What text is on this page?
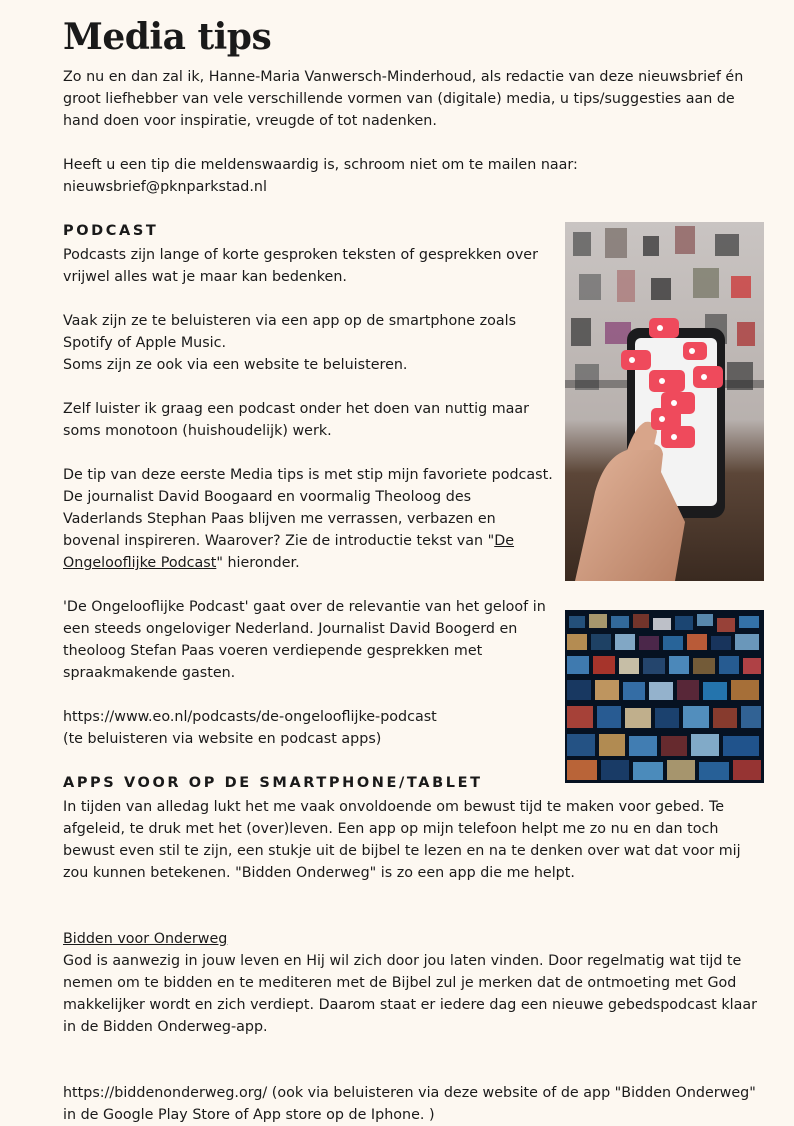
Media tips

Zo nu en dan zal ik, Hanne-Maria Vanwersch-Minderhoud, als redactie van deze nieuwsbrief én groot liefhebber van vele verschillende vormen van (digitale) media, u tips/suggesties aan de hand doen voor inspiratie, vreugde of tot nadenken.

Heeft u een tip die meldenswaardig is, schroom niet om te mailen naar: nieuwsbrief@pknparkstad.nl

PODCAST

Podcasts zijn lange of korte gesproken teksten of gesprekken over vrijwel alles wat je maar kan bedenken.

Vaak zijn ze te beluisteren via een app op de smartphone zoals Spotify of Apple Music.
Soms zijn ze ook via een website te beluisteren.

Zelf luister ik graag een podcast onder het doen van nuttig maar soms monotoon (huishoudelijk) werk.

De tip van deze eerste Media tips is met stip mijn favoriete podcast. De journalist David Boogaard en voormalig Theoloog des Vaderlands Stephan Paas blijven me verrassen, verbazen en bovenal inspireren. Waarover? Zie de introductie tekst van "De Ongelooflijke Podcast" hieronder.

'De Ongelooflijke Podcast' gaat over de relevantie van het geloof in een steeds ongeloviger Nederland. Journalist David Boogerd en theoloog Stefan Paas voeren verdiepende gesprekken met spraakmakende gasten.

https://www.eo.nl/podcasts/de-ongelooflijke-podcast
(te beluisteren via website en podcast apps)

APPS VOOR OP DE SMARTPHONE/TABLET

In tijden van alledag lukt het me vaak onvoldoende om bewust tijd te maken voor gebed. Te afgeleid, te druk met het (over)leven. Een app op mijn telefoon helpt me zo nu en dan toch bewust even stil te zijn, een stukje uit de bijbel te lezen en na te denken over wat dat voor mij zou kunnen betekenen. "Bidden Onderweg" is zo een app die me helpt.

Bidden voor Onderweg

God is aanwezig in jouw leven en Hij wil zich door jou laten vinden. Door regelmatig wat tijd te nemen om te bidden en te mediteren met de Bijbel zul je merken dat de ontmoeting met God makkelijker wordt en zich verdiept. Daarom staat er iedere dag een nieuwe gebedspodcast klaar in de Bidden Onderweg-app.

https://biddenonderweg.org/ (ook via beluisteren via deze website of de app "Bidden Onderweg" in de Google Play Store of App store op de Iphone. )
